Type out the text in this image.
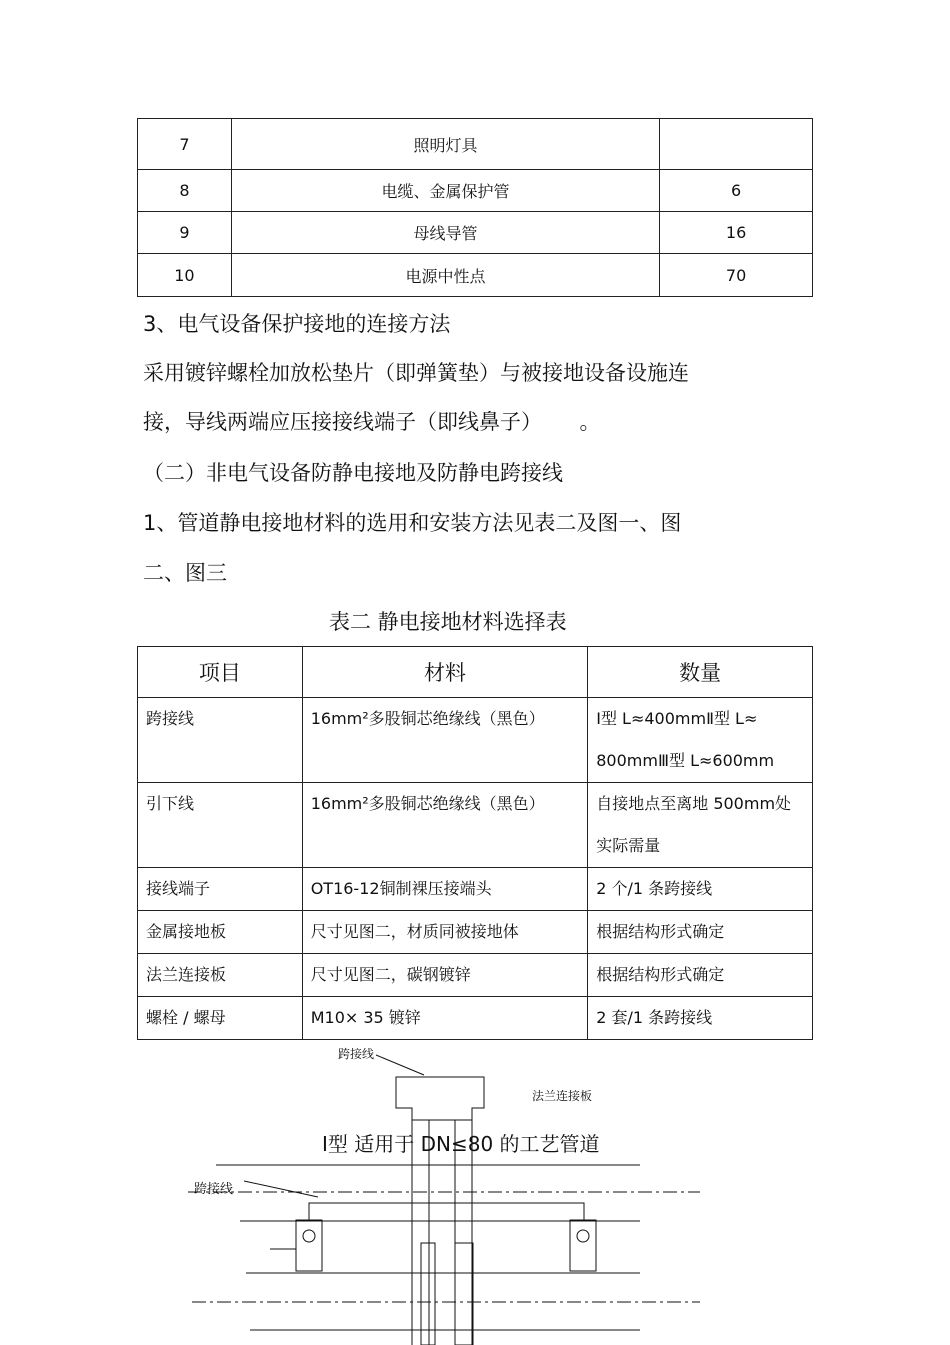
7	照明灯具	
8	电缆、金属保护管	6
9	母线导管	16
10	电源中性点	70
3、电气设备保护接地的连接方法
采用镀锌螺栓加放松垫片（即弹簧垫）与被接地设备设施连
接，导线两端应压接接线端子（即线鼻子） 。
（二）非电气设备防静电接地及防静电跨接线
1、管道静电接地材料的选用和安装方法见表二及图一、图
二、图三
表二 静电接地材料选择表
项目	材料	数量
跨接线	16mm²多股铜芯绝缘线（黑色）	Ⅰ型 L≈400mmⅡ型 L≈
800mmⅢ型 L≈600mm

引下线	16mm²多股铜芯绝缘线（黑色）	自接地点至离地 500mm处
实际需量

接线端子	OT16-12铜制裸压接端头	2 个/1 条跨接线
金属接地板	尺寸见图二，材质同被接地体	根据结构形式确定
法兰连接板	尺寸见图二，碳钢镀锌	根据结构形式确定
螺栓 / 螺母	M10× 35 镀锌	2 套/1 条跨接线
跨接线
法兰连接板
Ⅰ型 适用于 DN≤80 的工艺管道
跨接线
